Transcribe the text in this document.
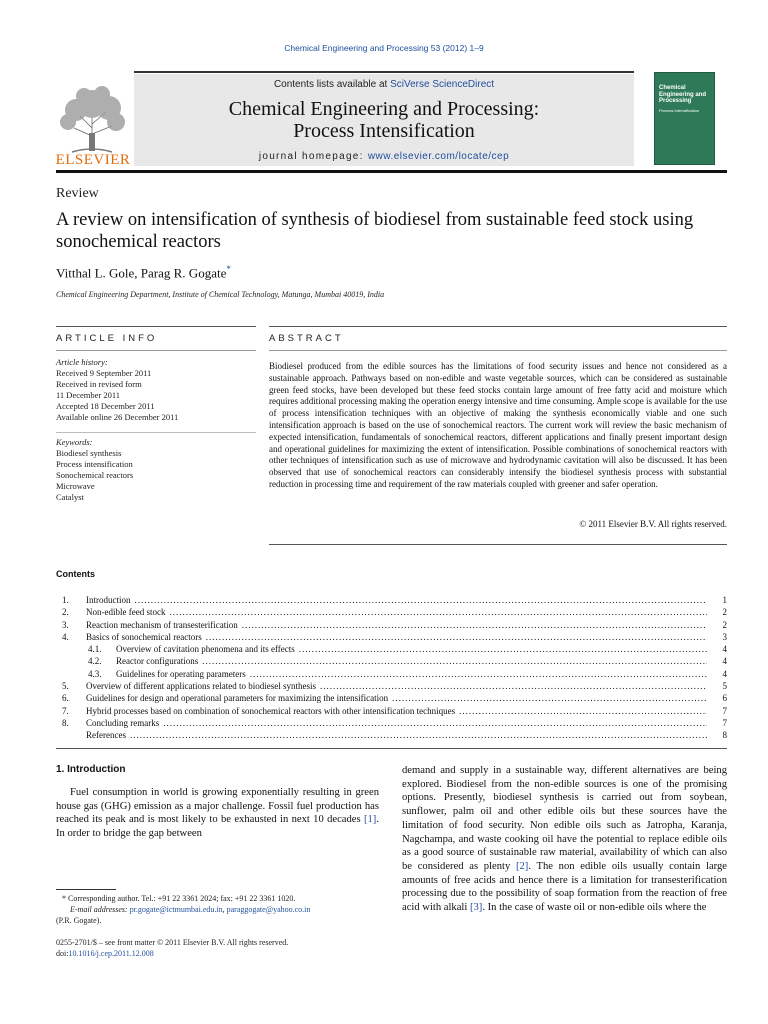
Chemical Engineering and Processing 53 (2012) 1–9
Contents lists available at SciVerse ScienceDirect
Chemical Engineering and Processing:
Process Intensification
journal homepage: www.elsevier.com/locate/cep
ELSEVIER
Chemical Engineering and Processing
Process Intensification
Review
A review on intensification of synthesis of biodiesel from sustainable feed stock using sonochemical reactors
Vitthal L. Gole, Parag R. Gogate*
Chemical Engineering Department, Institute of Chemical Technology, Matunga, Mumbai 40019, India
ARTICLE INFO	ABSTRACT
Article history:
Received 9 September 2011
Received in revised form
11 December 2011
Accepted 18 December 2011
Available online 26 December 2011
Keywords:
Biodiesel synthesis
Process intensification
Sonochemical reactors
Microwave
Catalyst
Biodiesel produced from the edible sources has the limitations of food security issues and hence not considered as a sustainable approach. Pathways based on non-edible and waste vegetable sources, which can be considered as sustainable green feed stocks, have been developed but these feed stocks contain large amount of free fatty acid and moisture which requires additional processing making the operation energy intensive and time consuming. Ample scope is available for the use of process intensification techniques with an objective of making the synthesis economically viable and one such intensification approach is based on the use of sonochemical reactors. The current work will review the basic mechanism of expected intensification, fundamentals of sonochemical reactors, different applications and finally present important design and operational guidelines for maximizing the extent of intensification. Possible combinations of sonochemical reactors with other techniques of intensification such as use of microwave and hydrodynamic cavitation will also be discussed. It has been observed that use of sonochemical reactors can considerably intensify the biodiesel synthesis process with substantial reduction in processing time and requirement of the raw materials coupled with greener and safer operation.
© 2011 Elsevier B.V. All rights reserved.
Contents
1.	Introduction .....	1
2.	Non-edible feed stock .....	2
3.	Reaction mechanism of transesterification .....	2
4.	Basics of sonochemical reactors .....	3
4.1.	Overview of cavitation phenomena and its effects .....	4
4.2.	Reactor configurations .....	4
4.3.	Guidelines for operating parameters .....	4
5.	Overview of different applications related to biodiesel synthesis .....	5
6.	Guidelines for design and operational parameters for maximizing the intensification .....	6
7.	Hybrid processes based on combination of sonochemical reactors with other intensification techniques .....	7
8.	Concluding remarks .....	7
References .....	8
1. Introduction
Fuel consumption in world is growing exponentially resulting in green house gas (GHG) emission as a major challenge. Fossil fuel production has reached its peak and is most likely to be exhausted in next 10 decades [1]. In order to bridge the gap between
demand and supply in a sustainable way, different alternatives are being explored. Biodiesel from the non-edible sources is one of the promising options. Presently, biodiesel synthesis is carried out from soybean, sunflower, palm oil and other edible oils but these sources have the limitation of food security. Non edible oils such as Jatropha, Karanja, Nagchampa, and waste cooking oil have the potential to replace edible oils as a good source of sustainable raw material, availability of which can also be considered as plenty [2]. The non edible oils usually contain large amounts of free acids and hence there is a limitation for transesterification processing due to the possibility of soap formation from the reaction of free acid with alkali [3]. In the case of waste oil or non-edible oils where the
* Corresponding author. Tel.: +91 22 3361 2024; fax: +91 22 3361 1020.
E-mail addresses: pr.gogate@ictmumbai.edu.in, paraggogate@yahoo.co.in
(P.R. Gogate).
0255-2701/$ – see front matter © 2011 Elsevier B.V. All rights reserved.
doi:10.1016/j.cep.2011.12.008
